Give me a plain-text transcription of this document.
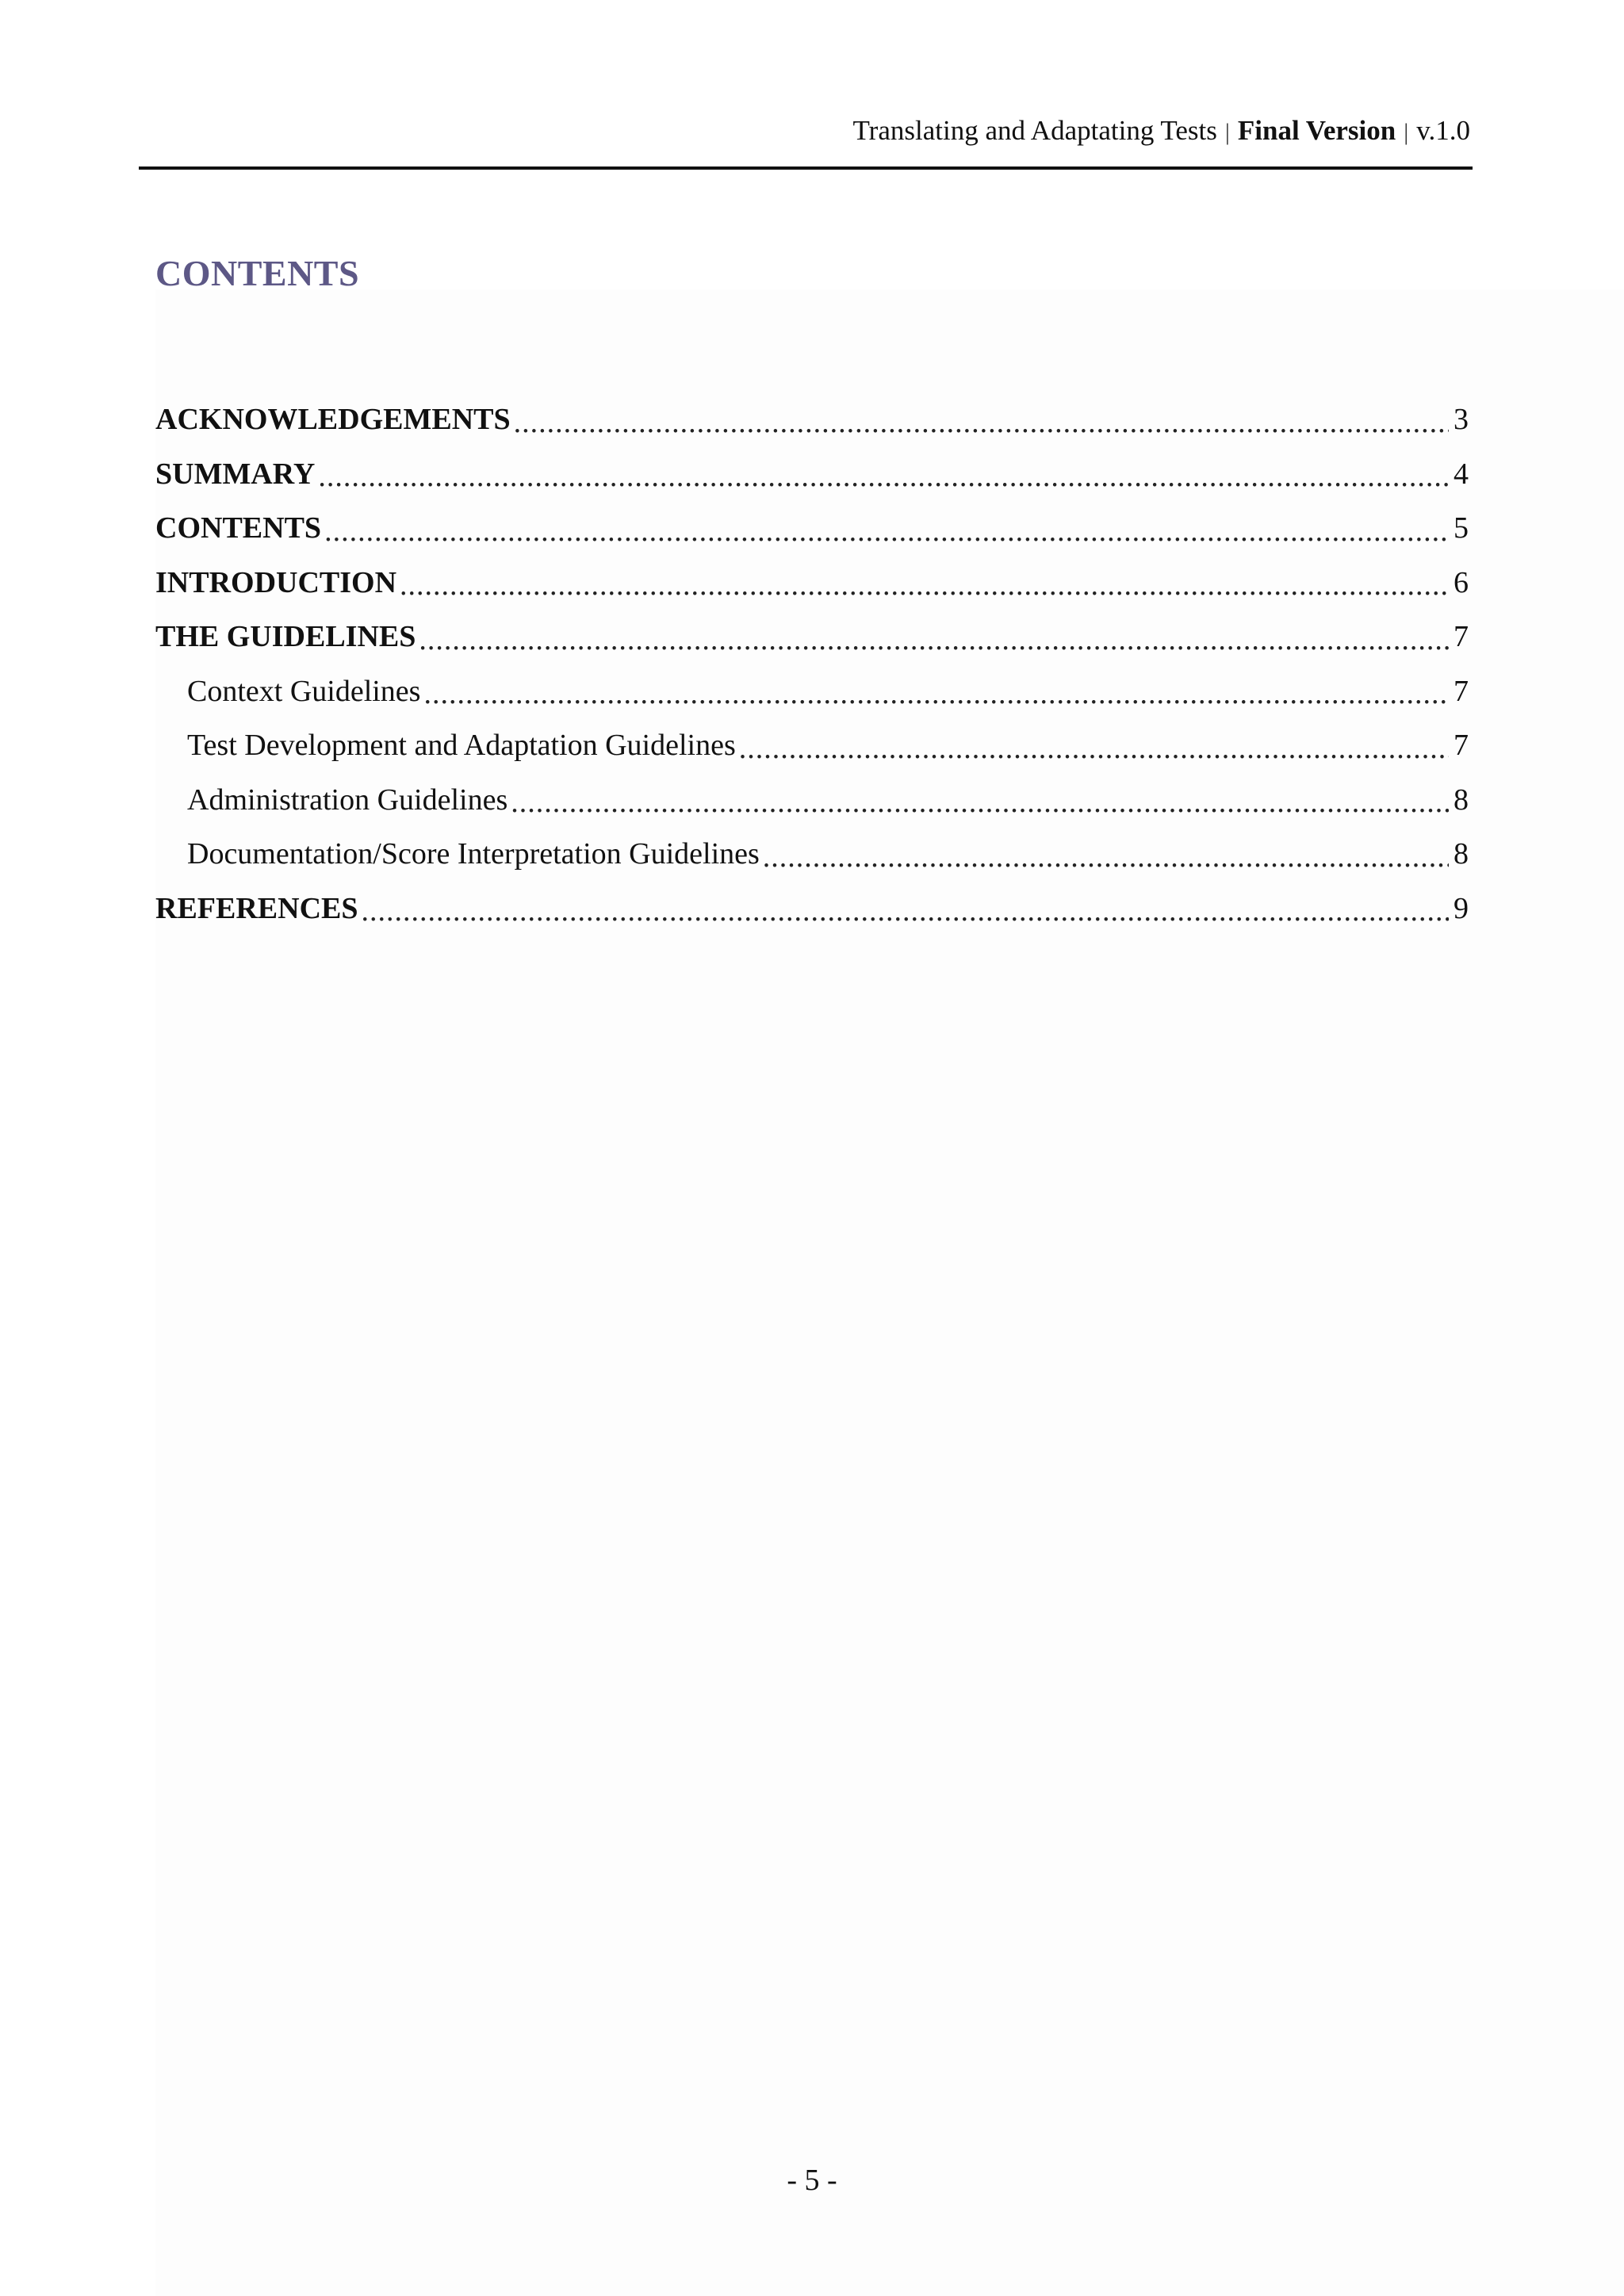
Translating and Adaptating Tests | Final Version | v.1.0
CONTENTS
ACKNOWLEDGEMENTS .....	3
SUMMARY .....	4
CONTENTS .....	5
INTRODUCTION .....	6
THE GUIDELINES .....	7
Context Guidelines .....	7
Test Development and Adaptation Guidelines .....	7
Administration Guidelines .....	8
Documentation/Score Interpretation Guidelines .....	8
REFERENCES .....	9
- 5 -
